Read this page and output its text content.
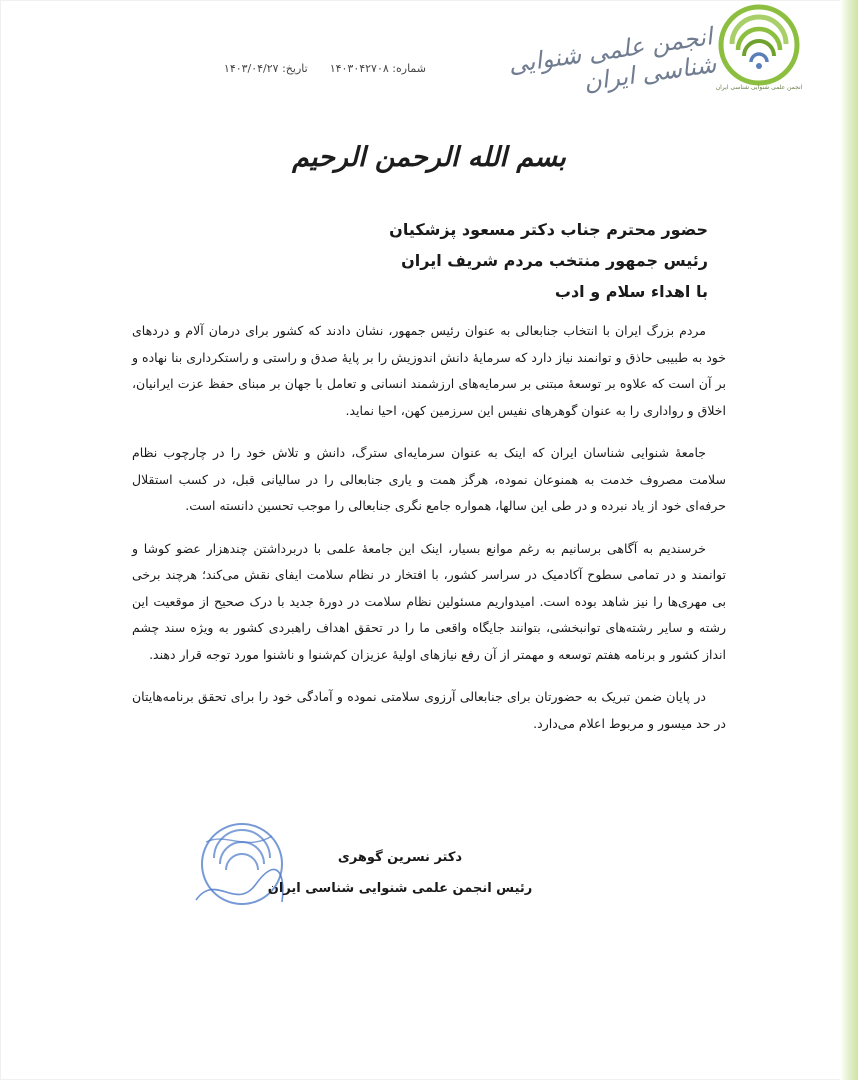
انجمن علمی شنوایی شناسی ایران
انجمن علمی شنوایی شناسی ایران
شماره: ۱۴۰۳۰۴۲۷۰۸
تاریخ: ۱۴۰۳/۰۴/۲۷
بسم الله الرحمن الرحیم
حضور محترم جناب دکتر مسعود پزشکیان
رئیس جمهور منتخب مردم شریف ایران
با اهداء سلام و ادب

مردم بزرگ ایران با انتخاب جنابعالی به عنوان رئیس جمهور، نشان دادند که کشور برای درمان آلام و دردهای خود به طبیبی حاذق و توانمند نیاز دارد که سرمایهٔ دانش اندوزیش را بر پایهٔ صدق و راستی و راستکرداری بنا نهاده و بر آن است که علاوه بر توسعهٔ مبتنی بر سرمایه‌های ارزشمند انسانی و تعامل با جهان بر مبنای حفظ عزت ایرانیان، اخلاق و رواداری را به عنوان گوهرهای نفیس این سرزمین کهن، احیا نماید.

جامعهٔ شنوایی شناسان ایران که اینک به عنوان سرمایه‌ای سترگ، دانش و تلاش خود را در چارچوب نظام سلامت مصروف خدمت به همنوعان نموده، هرگز همت و یاری جنابعالی را در سالیانی قبل، در کسب استقلال حرفه‌ای خود از یاد نبرده و در طی این سالها، همواره جامع نگری جنابعالی را موجب تحسین دانسته است.

خرسندیم به آگاهی برسانیم به رغم موانع بسیار، اینک این جامعهٔ علمی با دربرداشتن چندهزار عضو کوشا و توانمند و در تمامی سطوح آکادمیک در سراسر کشور، با افتخار در نظام سلامت ایفای نقش می‌کند؛ هرچند برخی بی مهری‌ها را نیز شاهد بوده است. امیدواریم مسئولین نظام سلامت در دورهٔ جدید با درک صحیح از موقعیت این رشته و سایر رشته‌های توانبخشی، بتوانند جایگاه واقعی ما را در تحقق اهداف راهبردی کشور به ویژه سند چشم انداز کشور و برنامه هفتم توسعه و مهمتر از آن رفع نیازهای اولیهٔ عزیزان کم‌شنوا و ناشنوا مورد توجه قرار دهند.

در پایان ضمن تبریک به حضورتان برای جنابعالی آرزوی سلامتی نموده و آمادگی خود را برای تحقق برنامه‌هایتان در حد میسور و مربوط اعلام می‌دارد.

دکتر نسرین گوهری
رئیس انجمن علمی شنوایی شناسی ایران
